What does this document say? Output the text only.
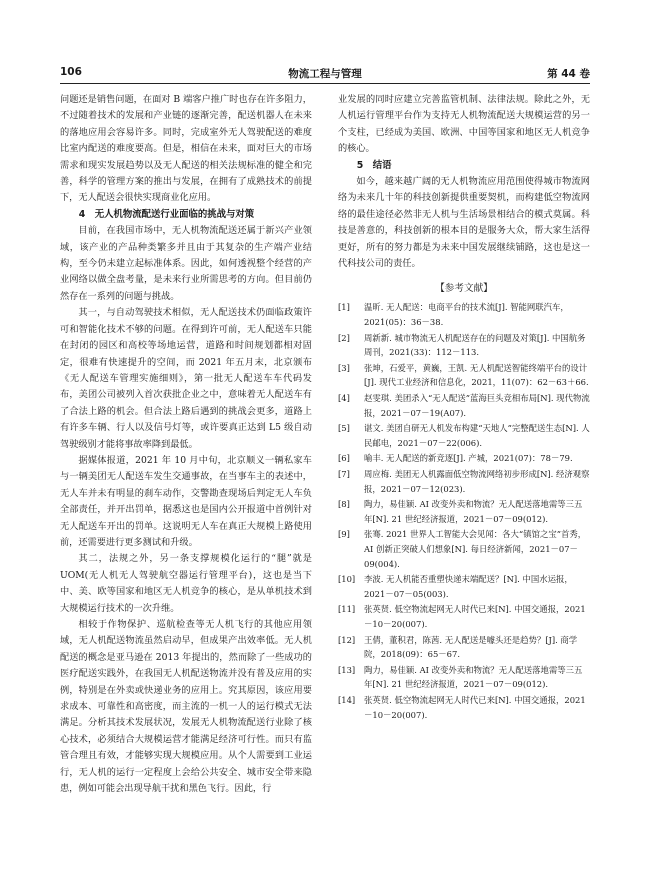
106	物流工程与管理	第 44 卷

问题还是销售问题，在面对 B 端客户推广时也存在许多阻力，不过随着技术的发展和产业链的逐渐完善，配送机器人在未来的落地应用会容易许多。同时，完成室外无人驾驶配送的难度比室内配送的难度要高。但是，相信在未来，面对巨大的市场需求和现实发展趋势以及无人配送的相关法规标准的健全和完善，科学的管理方案的推出与发展，在拥有了成熟技术的前提下，无人配送会很快实现商业化应用。

4　无人机物流配送行业面临的挑战与对策

目前，在我国市场中，无人机物流配送还属于新兴产业领域，该产业的产品种类繁多并且由于其复杂的生产端产业结构，至今仍未建立起标准体系。因此，如何透视整个经营的产业网络以做全盘考量，是未来行业所需思考的方向。但目前仍然存在一系列的问题与挑战。

其一，与自动驾驶技术相似，无人配送技术仍面临政策许可和智能化技术不够的问题。在得到许可前，无人配送车只能在封闭的园区和高校等场地运营，道路和时间规划都相对固定，很难有快速提升的空间，而 2021 年五月末，北京颁布《无人配送车管理实施细则》，第一批无人配送车车代码发布，美团公司被列入首次获批企业之中，意味着无人配送车有了合法上路的机会。但合法上路后遇到的挑战会更多，道路上有许多车辆、行人以及信号灯等，或许要真正达到 L5 级自动驾驶级别才能将事故率降到最低。

据媒体报道，2021 年 10 月中旬，北京顺义一辆私家车与一辆美团无人配送车发生交通事故，在当事车主的表述中，无人车并未有明显的刹车动作，交警勘查现场后判定无人车负全部责任，并开出罚单，据悉这也是国内公开报道中首例针对无人配送车开出的罚单。这说明无人车在真正大规模上路使用前，还需要进行更多测试和升级。

其二，法规之外，另一条支撑规模化运行的“腿”就是 UOM(无人机无人驾驶航空器运行管理平台)，这也是当下中、美、欧等国家和地区无人机竞争的核心，是从单机技术到大规模运行技术的一次升维。

相较于作物保护、巡航检查等无人机飞行的其他应用领域，无人机配送物流虽然启动早，但成果产出效率低。无人机配送的概念是亚马逊在 2013 年提出的，然而除了一些成功的医疗配送实践外，在我国无人机配送物流并没有普及应用的实例，特别是在外卖或快递业务的应用上。究其原因，该应用要求成本、可靠性和高密度，而主流的一机一人的运行模式无法满足。分析其技术发展状况，发展无人机物流配送行业除了核心技术，必须结合大规模运营才能满足经济可行性。而只有监管合理且有效，才能够实现大规模应用。从个人需要到工业运行，无人机的运行一定程度上会给公共安全、城市安全带来隐患，例如可能会出现导航干扰和黑色飞行。因此，行

业发展的同时应建立完善监管机制、法律法规。除此之外，无人机运行管理平台作为支持无人机物流配送大规模运营的另一个支柱，已经成为美国、欧洲、中国等国家和地区无人机竞争的核心。

5　结语

如今，越来越广阔的无人机物流应用范围使得城市物流网络为未来几十年的科技创新提供重要契机，而构建低空物流网络的最佳途径必然非无人机与生活场景相结合的模式莫属。科技是善意的，科技创新的根本目的是服务大众，帮大家生活得更好，所有的努力都是为未来中国发展继续铺路，这也是这一代科技公司的责任。

【参考文献】
[1]	温昕. 无人配送：电商平台的技术流[J]. 智能网联汽车，2021(05)：36－38.
[2]	周新新. 城市物流无人机配送存在的问题及对策[J]. 中国航务周刊，2021(33)：112－113.
[3]	张坤，石爱平，黄巍，王凯. 无人机配送智能终端平台的设计[J]. 现代工业经济和信息化，2021，11(07)：62－63＋66.
[4]	赵雯琪. 美团杀入“无人配送”蓝海巨头竞相布局[N]. 现代物流报，2021－07－19(A07).
[5]	谌文. 美团自研无人机发布构建“天地人”完整配送生态[N]. 人民邮电，2021－07－22(006).
[6]	喻丰. 无人配送的新竞逐[J]. 产城，2021(07)：78－79.
[7]	周应梅. 美团无人机露面低空物流网络初步形成[N]. 经济观察报，2021－07－12(023).
[8]	陶力，易佳颖. AI 改变外卖和物流？无人配送落地需等三五年[N]. 21 世纪经济报道，2021－07－09(012).
[9]	张骞. 2021 世界人工智能大会见闻：各大“镇馆之宝”首秀，AI 创新正突破人们想象[N]. 每日经济新闻，2021－07－09(004).
[10]	李波. 无人机能否重塑快递末端配送？[N]. 中国水运报，2021－07－05(003).
[11]	张英贤. 低空物流起网无人时代已来[N]. 中国交通报，2021－10－20(007).
[12]	王倩，董积君，陈茜. 无人配送是噱头还是趋势？[J]. 商学院，2018(09)：65－67.
[13]	陶力，易佳颖. AI 改变外卖和物流？无人配送落地需等三五年[N]. 21 世纪经济报道，2021－07－09(012).
[14]	张英贤. 低空物流起网无人时代已来[N]. 中国交通报，2021－10－20(007).
